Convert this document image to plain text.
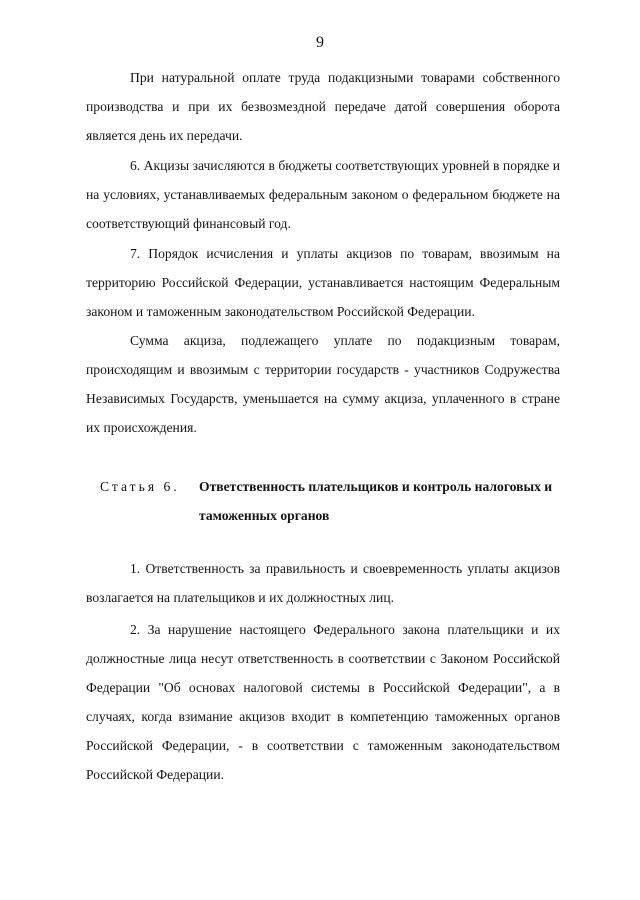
9

При натуральной оплате труда подакцизными товарами собственного производства и при их безвозмездной передаче датой совершения оборота является день их передачи.

6. Акцизы зачисляются в бюджеты соответствующих уровней в порядке и на условиях, устанавливаемых федеральным законом о федеральном бюджете на соответствующий финансовый год.

7. Порядок исчисления и уплаты акцизов по товарам, ввозимым на территорию Российской Федерации, устанавливается настоящим Федеральным законом и таможенным законодательством Российской Федерации.

Сумма акциза, подлежащего уплате по подакцизным товарам, происходящим и ввозимым с территории государств - участников Содружества Независимых Государств, уменьшается на сумму акциза, уплаченного в стране их происхождения.

Статья 6. Ответственность плательщиков и контроль налоговых и таможенных органов

1. Ответственность за правильность и своевременность уплаты акцизов возлагается на плательщиков и их должностных лиц.

2. За нарушение настоящего Федерального закона плательщики и их должностные лица несут ответственность в соответствии с Законом Российской Федерации "Об основах налоговой системы в Российской Федерации", а в случаях, когда взимание акцизов входит в компетенцию таможенных органов Российской Федерации, - в соответствии с таможенным законодательством Российской Федерации.
